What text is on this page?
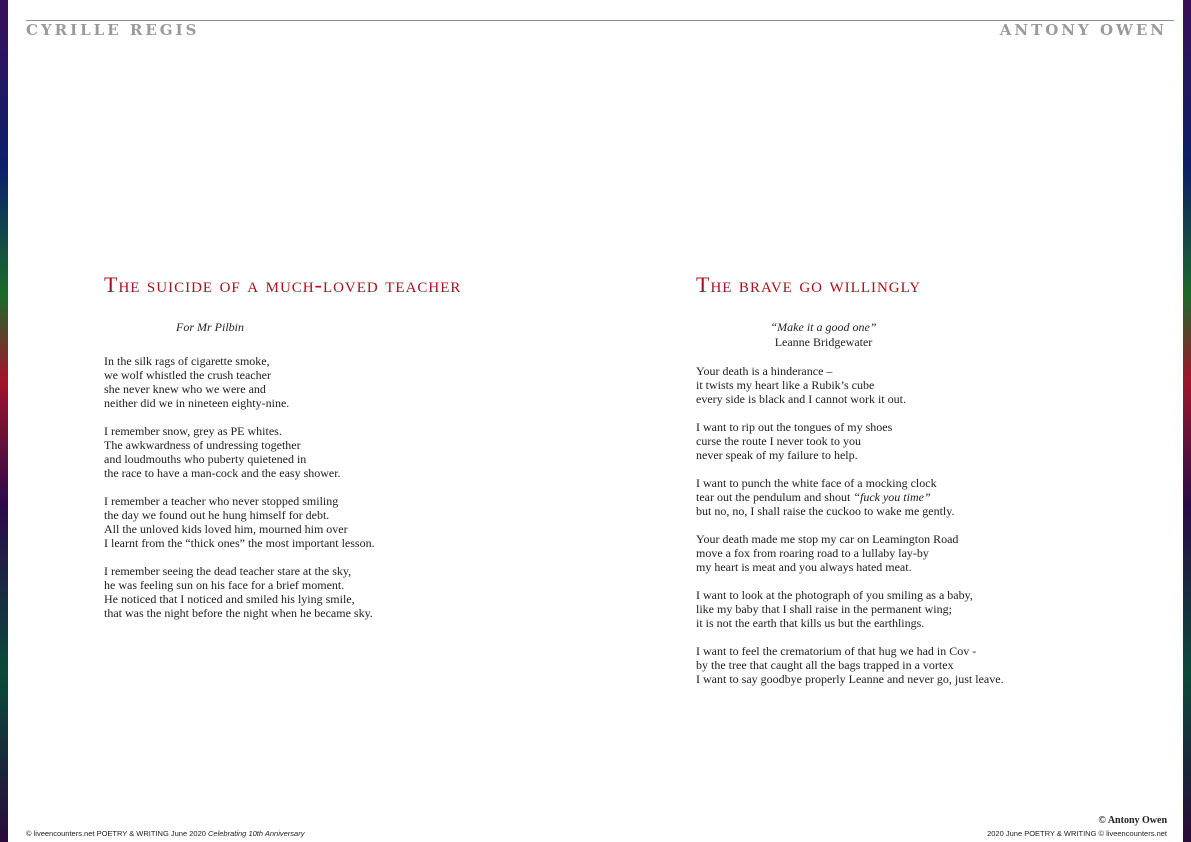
CYRILLE REGIS	ANTONY OWEN
The suicide of a much-loved teacher
For Mr Pilbin
In the silk rags of cigarette smoke,
we wolf whistled the crush teacher
she never knew who we were and
neither did we in nineteen eighty-nine.
I remember snow, grey as PE whites.
The awkwardness of undressing together
and loudmouths who puberty quietened in
the race to have a man-cock and the easy shower.
I remember a teacher who never stopped smiling
the day we found out he hung himself for debt.
All the unloved kids loved him, mourned him over
I learnt from the “thick ones” the most important lesson.
I remember seeing the dead teacher stare at the sky,
he was feeling sun on his face for a brief moment.
He noticed that I noticed and smiled his lying smile,
that was the night before the night when he became sky.
The brave go willingly
“Make it a good one”
Leanne Bridgewater
Your death is a hinderance –
it twists my heart like a Rubik’s cube
every side is black and I cannot work it out.
I want to rip out the tongues of my shoes
curse the route I never took to you
never speak of my failure to help.
I want to punch the white face of a mocking clock
tear out the pendulum and shout “fuck you time”
but no, no, I shall raise the cuckoo to wake me gently.
Your death made me stop my car on Leamington Road
move a fox from roaring road to a lullaby lay-by
my heart is meat and you always hated meat.
I want to look at the photograph of you smiling as a baby,
like my baby that I shall raise in the permanent wing;
it is not the earth that kills us but the earthlings.
I want to feel the crematorium of that hug we had in Cov -
by the tree that caught all the bags trapped in a vortex
I want to say goodbye properly Leanne and never go, just leave.
© liveencounters.net POETRY & WRITING June 2020 Celebrating 10th Anniversary
© Antony Owen
2020 June POETRY & WRITING © liveencounters.net
